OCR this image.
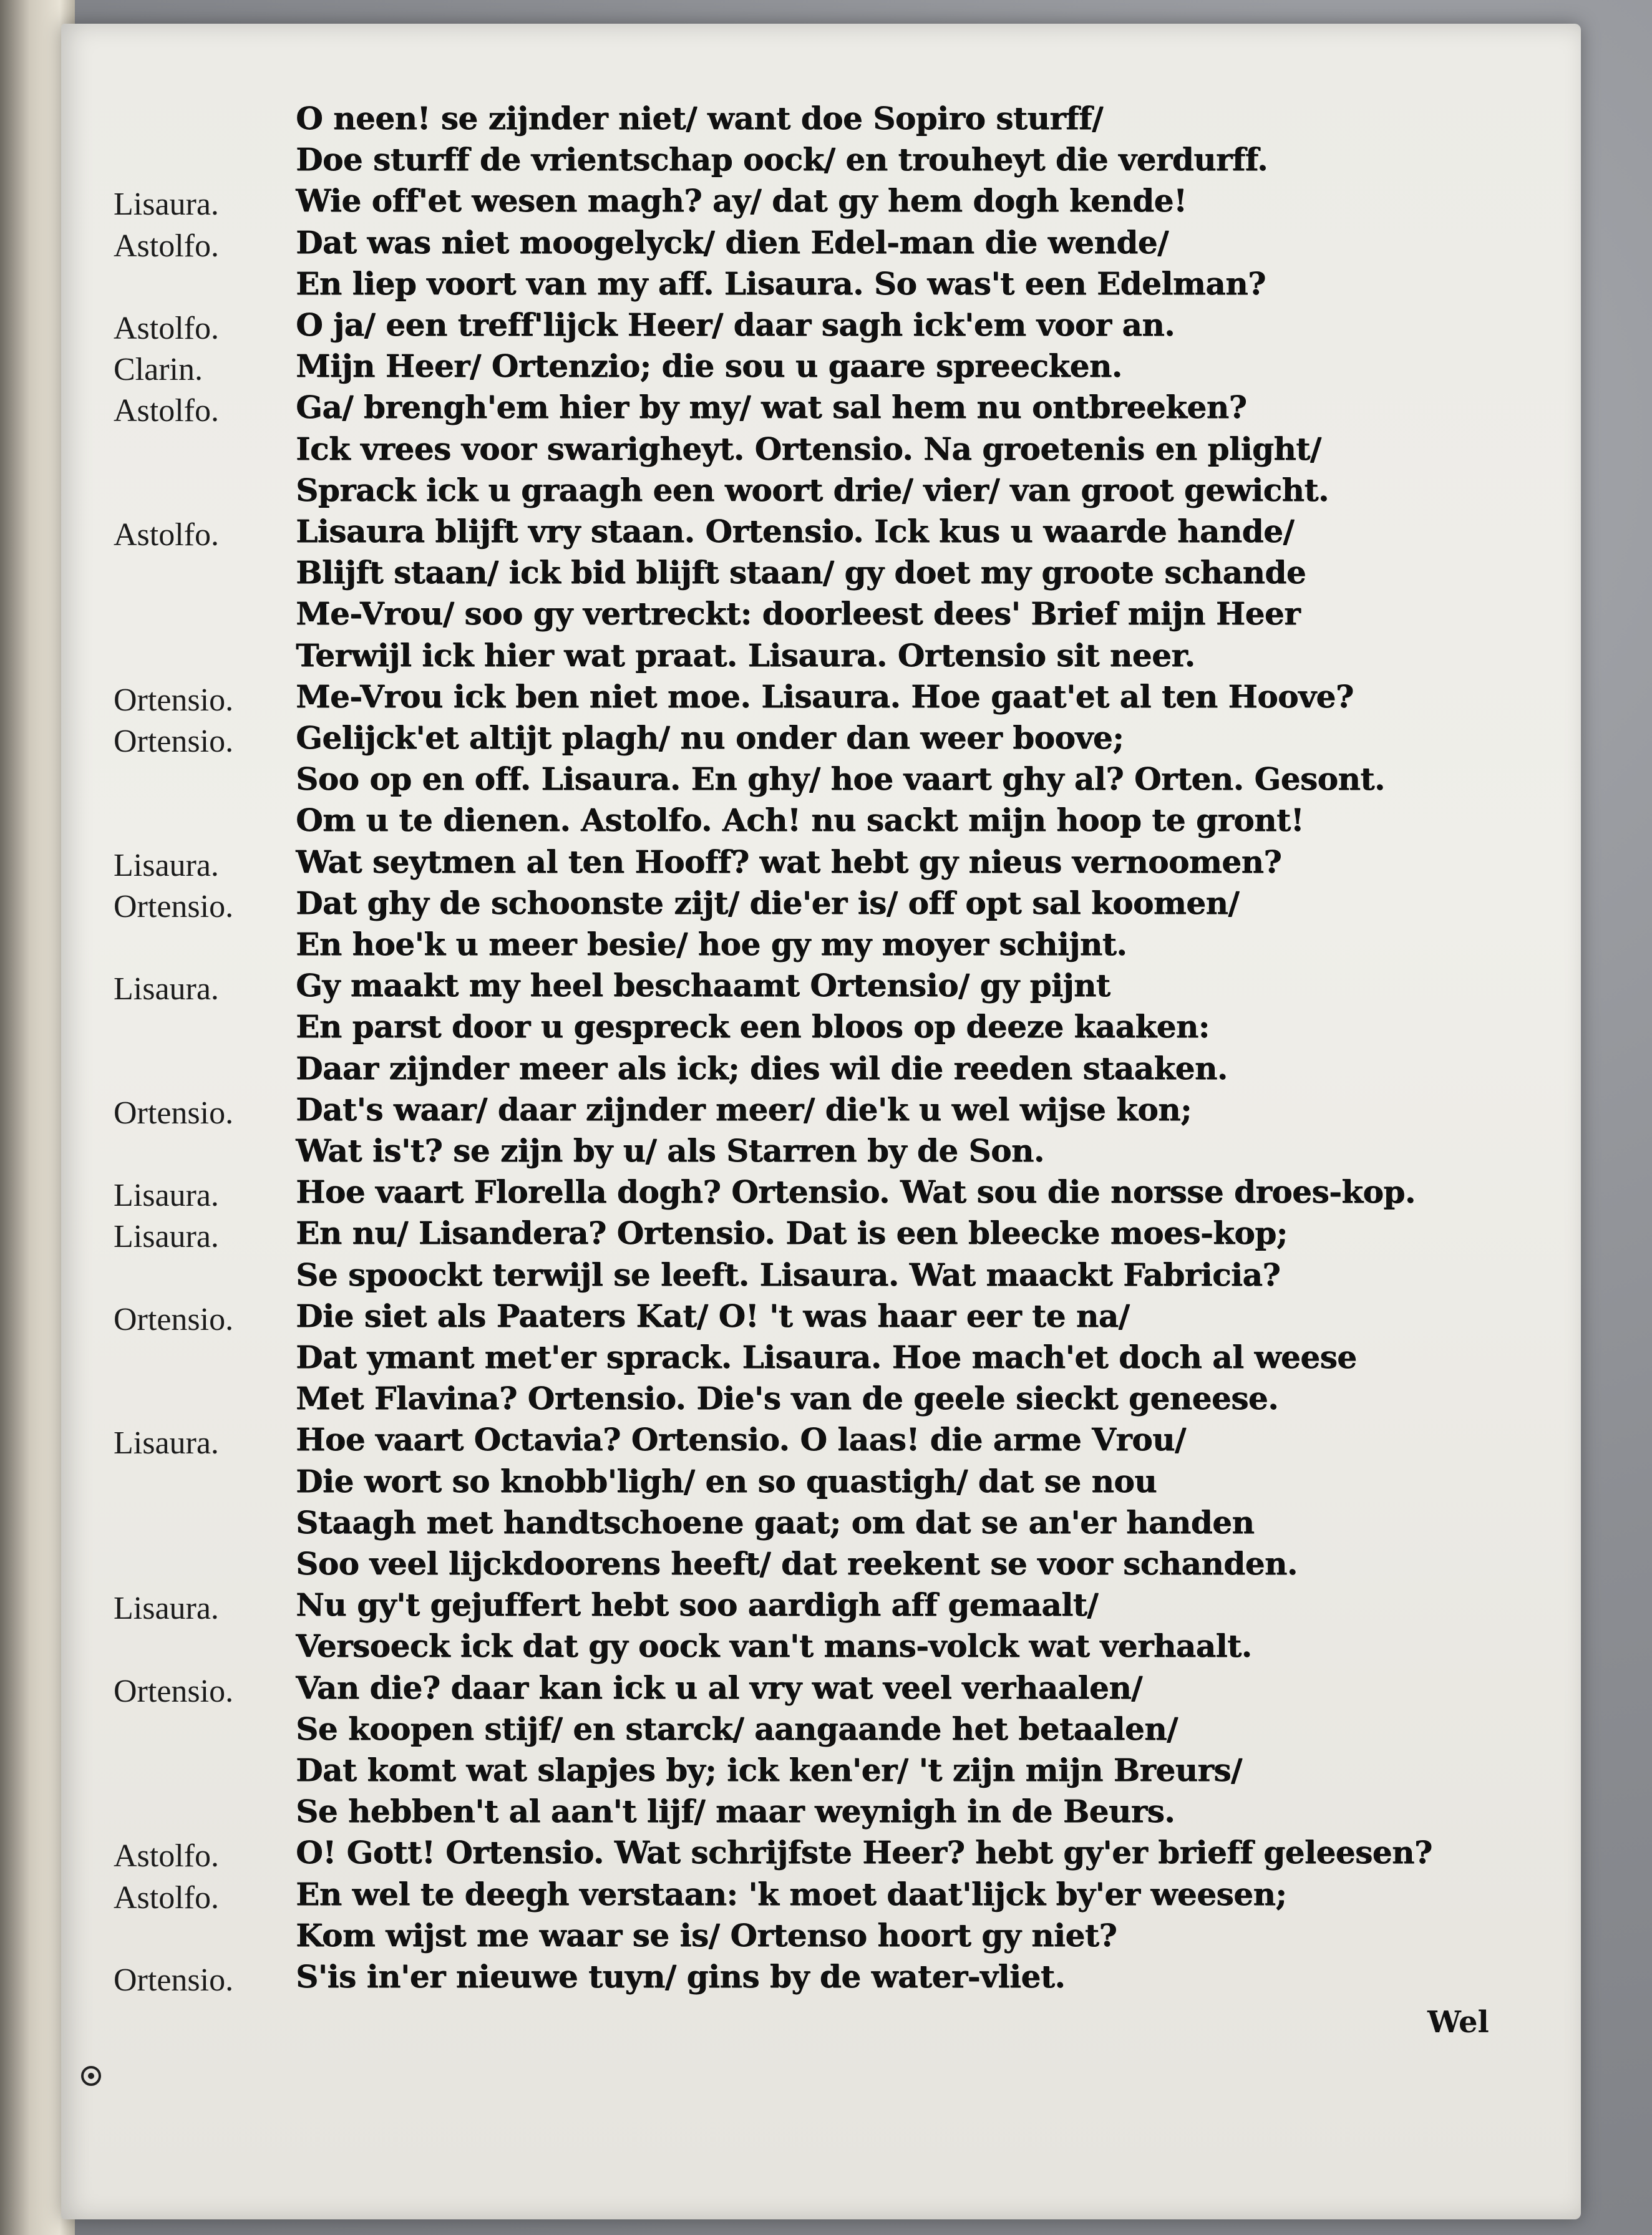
O neen! se zijnder niet/ want doe Sopiro sturff/
Doe sturff de vrientschap oock/ en trouheyt die verdurff.
Lisaura.	Wie off'et wesen magh? ay/ dat gy hem dogh kende!
Astolfo.	Dat was niet moogelyck/ dien Edel-man die wende/
En liep voort van my aff. Lisaura. So was't een Edelman?
Astolfo.	O ja/ een treff'lijck Heer/ daar sagh ick'em voor an.
Clarin.	Mijn Heer/ Ortenzio; die sou u gaare spreecken.
Astolfo.	Ga/ brengh'em hier by my/ wat sal hem nu ontbreeken?
Ick vrees voor swarigheyt. Ortensio. Na groetenis en plight/
Sprack ick u graagh een woort drie/ vier/ van groot gewicht.
Astolfo.	Lisaura blijft vry staan. Ortensio. Ick kus u waarde hande/
Blijft staan/ ick bid blijft staan/ gy doet my groote schande
Me-Vrou/ soo gy vertreckt: doorleest dees' Brief mijn Heer
Terwijl ick hier wat praat. Lisaura. Ortensio sit neer.
Ortensio.	Me-Vrou ick ben niet moe. Lisaura. Hoe gaat'et al ten Hoove?
Ortensio.	Gelijck'et altijt plagh/ nu onder dan weer boove;
Soo op en off. Lisaura. En ghy/ hoe vaart ghy al? Orten. Gesont.
Om u te dienen. Astolfo. Ach! nu sackt mijn hoop te gront!
Lisaura.	Wat seytmen al ten Hooff? wat hebt gy nieus vernoomen?
Ortensio.	Dat ghy de schoonste zijt/ die'er is/ off opt sal koomen/
En hoe'k u meer besie/ hoe gy my moyer schijnt.
Lisaura.	Gy maakt my heel beschaamt Ortensio/ gy pijnt
En parst door u gespreck een bloos op deeze kaaken:
Daar zijnder meer als ick; dies wil die reeden staaken.
Ortensio.	Dat's waar/ daar zijnder meer/ die'k u wel wijse kon;
Wat is't? se zijn by u/ als Starren by de Son.
Lisaura.	Hoe vaart Florella dogh? Ortensio. Wat sou die norsse droes-kop.
Lisaura.	En nu/ Lisandera? Ortensio. Dat is een bleecke moes-kop;
Se spoockt terwijl se leeft. Lisaura. Wat maackt Fabricia?
Ortensio.	Die siet als Paaters Kat/ O! 't was haar eer te na/
Dat ymant met'er sprack. Lisaura. Hoe mach'et doch al weese
Met Flavina? Ortensio. Die's van de geele sieckt geneese.
Lisaura.	Hoe vaart Octavia? Ortensio. O laas! die arme Vrou/
Die wort so knobb'ligh/ en so quastigh/ dat se nou
Staagh met handtschoene gaat; om dat se an'er handen
Soo veel lijckdoorens heeft/ dat reekent se voor schanden.
Lisaura.	Nu gy't gejuffert hebt soo aardigh aff gemaalt/
Versoeck ick dat gy oock van't mans-volck wat verhaalt.
Ortensio.	Van die? daar kan ick u al vry wat veel verhaalen/
Se koopen stijf/ en starck/ aangaande het betaalen/
Dat komt wat slapjes by; ick ken'er/ 't zijn mijn Breurs/
Se hebben't al aan't lijf/ maar weynigh in de Beurs.
Astolfo.	O! Gott! Ortensio. Wat schrijfste Heer? hebt gy'er brieff geleesen?
Astolfo.	En wel te deegh verstaan: 'k moet daat'lijck by'er weesen;
Kom wijst me waar se is/ Ortenso hoort gy niet?
Ortensio.	S'is in'er nieuwe tuyn/ gins by de water-vliet.
Wel
